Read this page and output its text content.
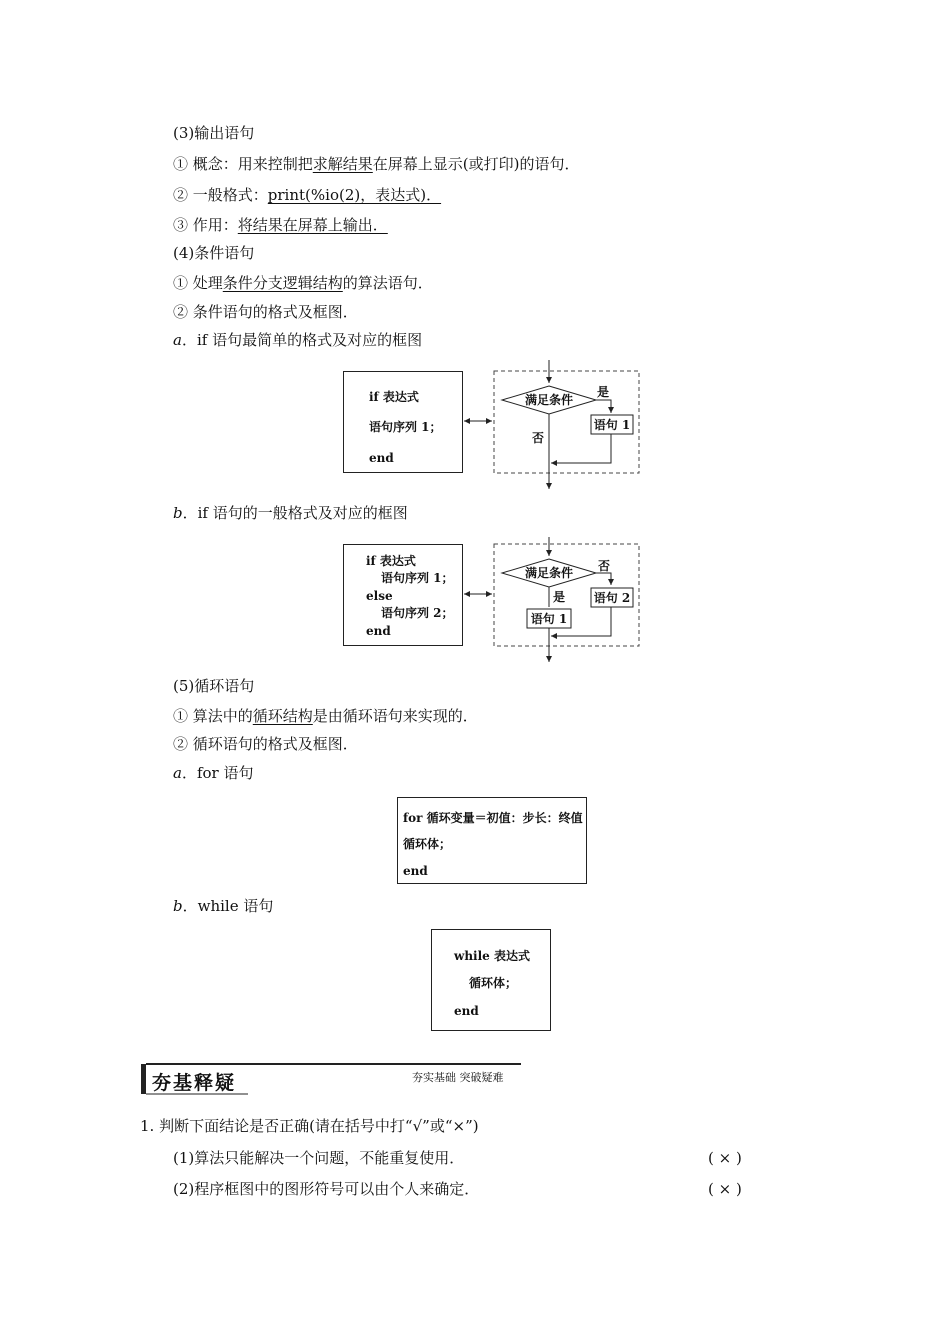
(3)输出语句
① 概念：用来控制把求解结果在屏幕上显示(或打印)的语句．
② 一般格式：print(%io(2)，表达式)．
③ 作用：将结果在屏幕上输出．
(4)条件语句
① 处理条件分支逻辑结构的算法语句．
② 条件语句的格式及框图．
a．if 语句最简单的格式及对应的框图
if 表达式
语句序列 1；
end
满足条件
是
语句 1
否
b．if 语句的一般格式及对应的框图
if 表达式
语句序列 1；
else
语句序列 2；
end
满足条件 否
语句 2
是
语句 1
(5)循环语句
① 算法中的循环结构是由循环语句来实现的．
② 循环语句的格式及框图．
a．for 语句
for 循环变量＝初值：步长：终值
循环体；
end
b．while 语句
while 表达式
循环体；
end
夯基释疑	夯实基础 突破疑难
1. 判断下面结论是否正确(请在括号中打“√”或“×”)
(1)算法只能解决一个问题，不能重复使用．	( × )
(2)程序框图中的图形符号可以由个人来确定．	( × )
